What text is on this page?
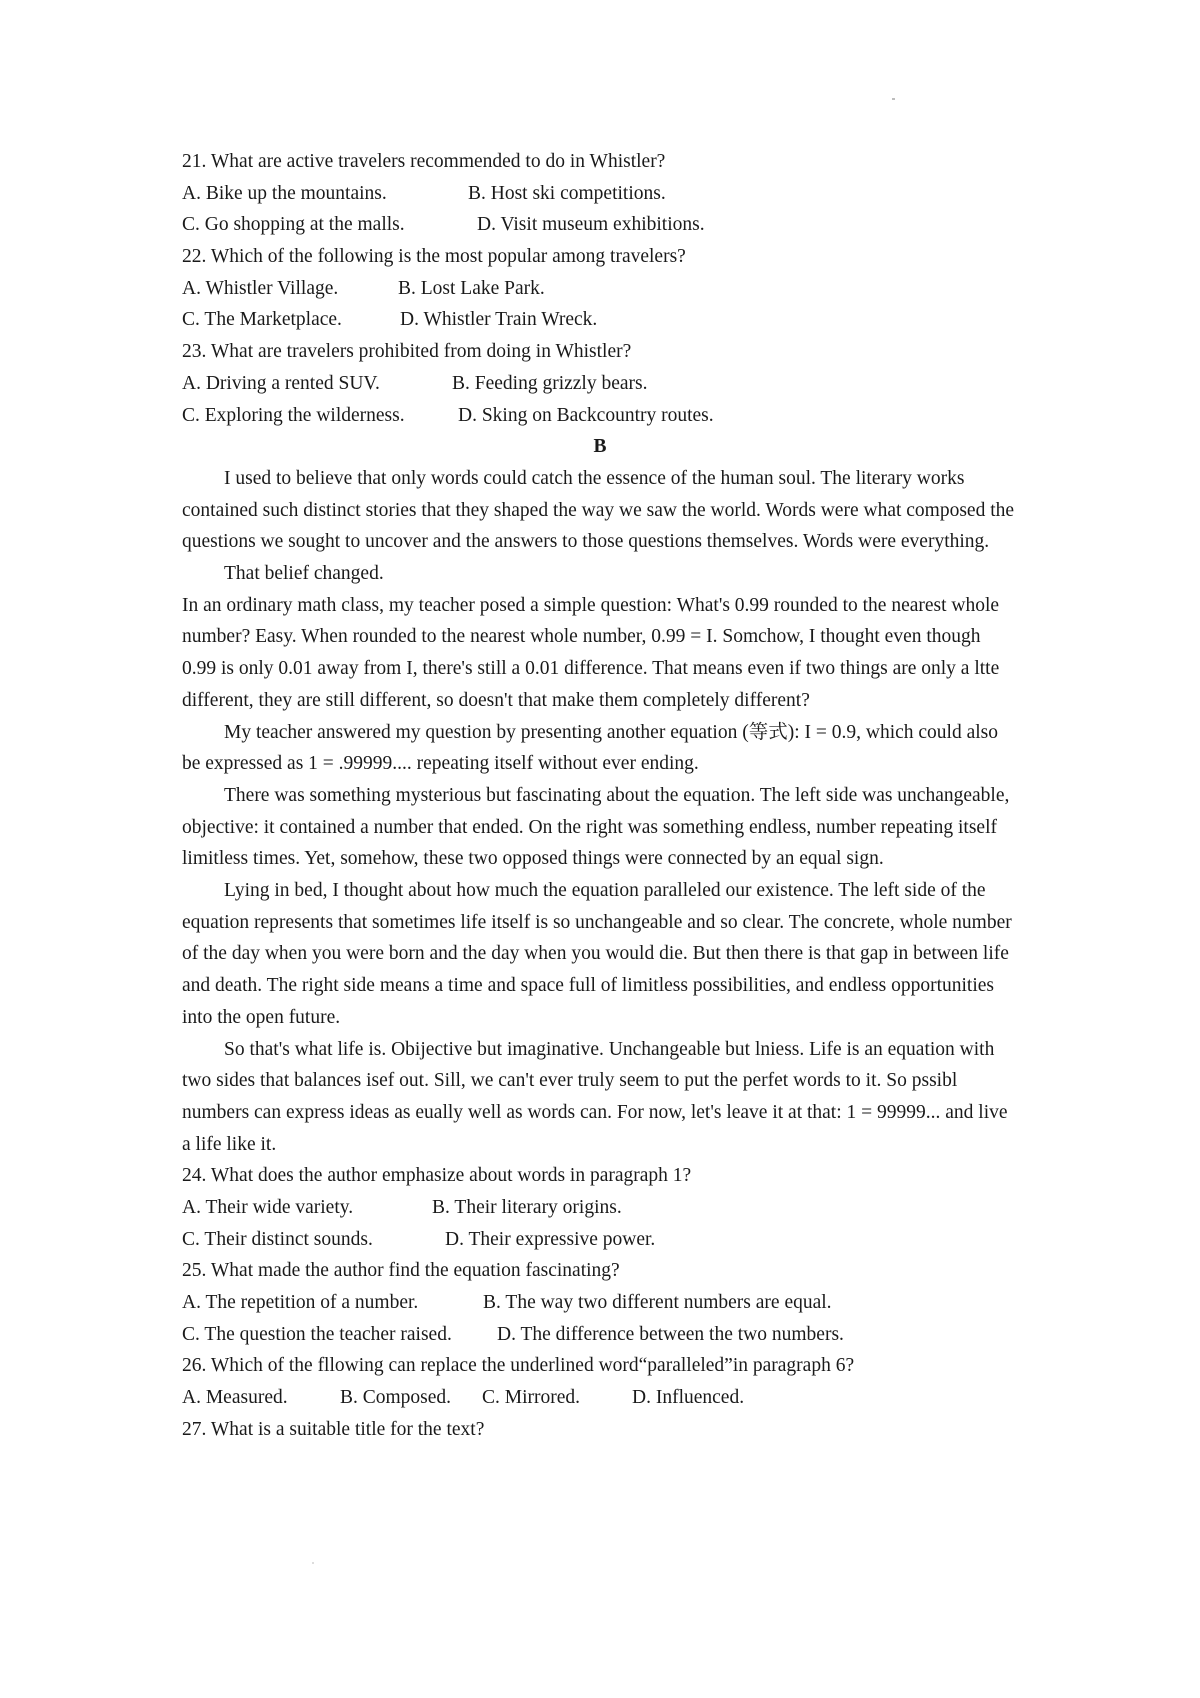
21. What are active travelers recommended to do in Whistler?
A. Bike up the mountains.	B. Host ski competitions.
C. Go shopping at the malls.	D. Visit museum exhibitions.
22. Which of the following is the most popular among travelers?
A. Whistler Village.	B. Lost Lake Park.
C. The Marketplace.	D. Whistler Train Wreck.
23. What are travelers prohibited from doing in Whistler?
A. Driving a rented SUV.	B. Feeding grizzly bears.
C. Exploring the wilderness.	D. Sking on Backcountry routes.
B

I used to believe that only words could catch the essence of the human soul. The literary works contained such distinct stories that they shaped the way we saw the world. Words were what composed the questions we sought to uncover and the answers to those questions themselves. Words were everything.

That belief changed.

In an ordinary math class, my teacher posed a simple question: What's 0.99 rounded to the nearest whole number? Easy. When rounded to the nearest whole number, 0.99 = I. Somchow, I thought even though 0.99 is only 0.01 away from I, there's still a 0.01 difference. That means even if two things are only a ltte different, they are still different, so doesn't that make them completely different?

My teacher answered my question by presenting another equation (等式): I = 0.9, which could also be expressed as 1 = .99999.... repeating itself without ever ending.

There was something mysterious but fascinating about the equation. The left side was unchangeable, objective: it contained a number that ended. On the right was something endless, number repeating itself limitless times. Yet, somehow, these two opposed things were connected by an equal sign.

Lying in bed, I thought about how much the equation paralleled our existence. The left side of the equation represents that sometimes life itself is so unchangeable and so clear. The concrete, whole number of the day when you were born and the day when you would die. But then there is that gap in between life and death. The right side means a time and space full of limitless possibilities, and endless opportunities into the open future.

So that's what life is. Obijective but imaginative. Unchangeable but lniess. Life is an equation with two sides that balances isef out. Sill, we can't ever truly seem to put the perfet words to it. So pssibl numbers can express ideas as eually well as words can. For now, let's leave it at that: 1 = 99999... and live a life like it.

24. What does the author emphasize about words in paragraph 1?
A. Their wide variety.	B. Their literary origins.
C. Their distinct sounds.	D. Their expressive power.
25. What made the author find the equation fascinating?
A. The repetition of a number.	B. The way two different numbers are equal.
C. The question the teacher raised. D. The difference between the two numbers.
26. Which of the fllowing can replace the underlined word“paralleled”in paragraph 6?
A. Measured.	B. Composed. C. Mirrored.	D. Influenced.
27. What is a suitable title for the text?
